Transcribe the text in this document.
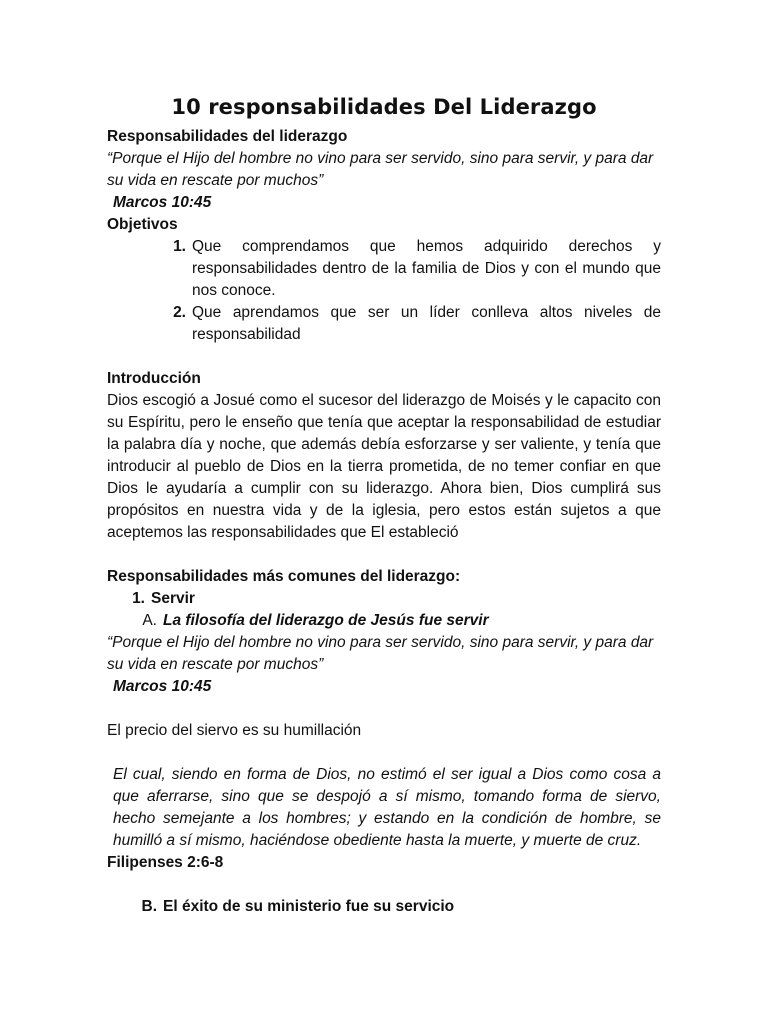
10 responsabilidades Del Liderazgo

Responsabilidades del liderazgo

“Porque el Hijo del hombre no vino para ser servido, sino para servir, y para dar su vida en rescate por muchos”

Marcos 10:45

Objetivos

1. Que comprendamos que hemos adquirido derechos y responsabilidades dentro de la familia de Dios y con el mundo que nos conoce.
2. Que aprendamos que ser un líder conlleva altos niveles de responsabilidad

Introducción

Dios escogió a Josué como el sucesor del liderazgo de Moisés y le capacito con su Espíritu, pero le enseño que tenía que aceptar la responsabilidad de estudiar la palabra día y noche, que además debía esforzarse y ser valiente, y tenía que introducir al pueblo de Dios en la tierra prometida, de no temer confiar en que Dios le ayudaría a cumplir con su liderazgo. Ahora bien, Dios cumplirá sus propósitos en nuestra vida y de la iglesia, pero estos están sujetos a que aceptemos las responsabilidades que El estableció

Responsabilidades más comunes del liderazgo:

1. Servir
A. La filosofía del liderazgo de Jesús fue servir

“Porque el Hijo del hombre no vino para ser servido, sino para servir, y para dar su vida en rescate por muchos”

Marcos 10:45

El precio del siervo es su humillación

El cual, siendo en forma de Dios, no estimó el ser igual a Dios como cosa a que aferrarse, sino que se despojó a sí mismo, tomando forma de siervo, hecho semejante a los hombres; y estando en la condición de hombre, se humilló a sí mismo, haciéndose obediente hasta la muerte, y muerte de cruz.

Filipenses 2:6-8

B. El éxito de su ministerio fue su servicio
